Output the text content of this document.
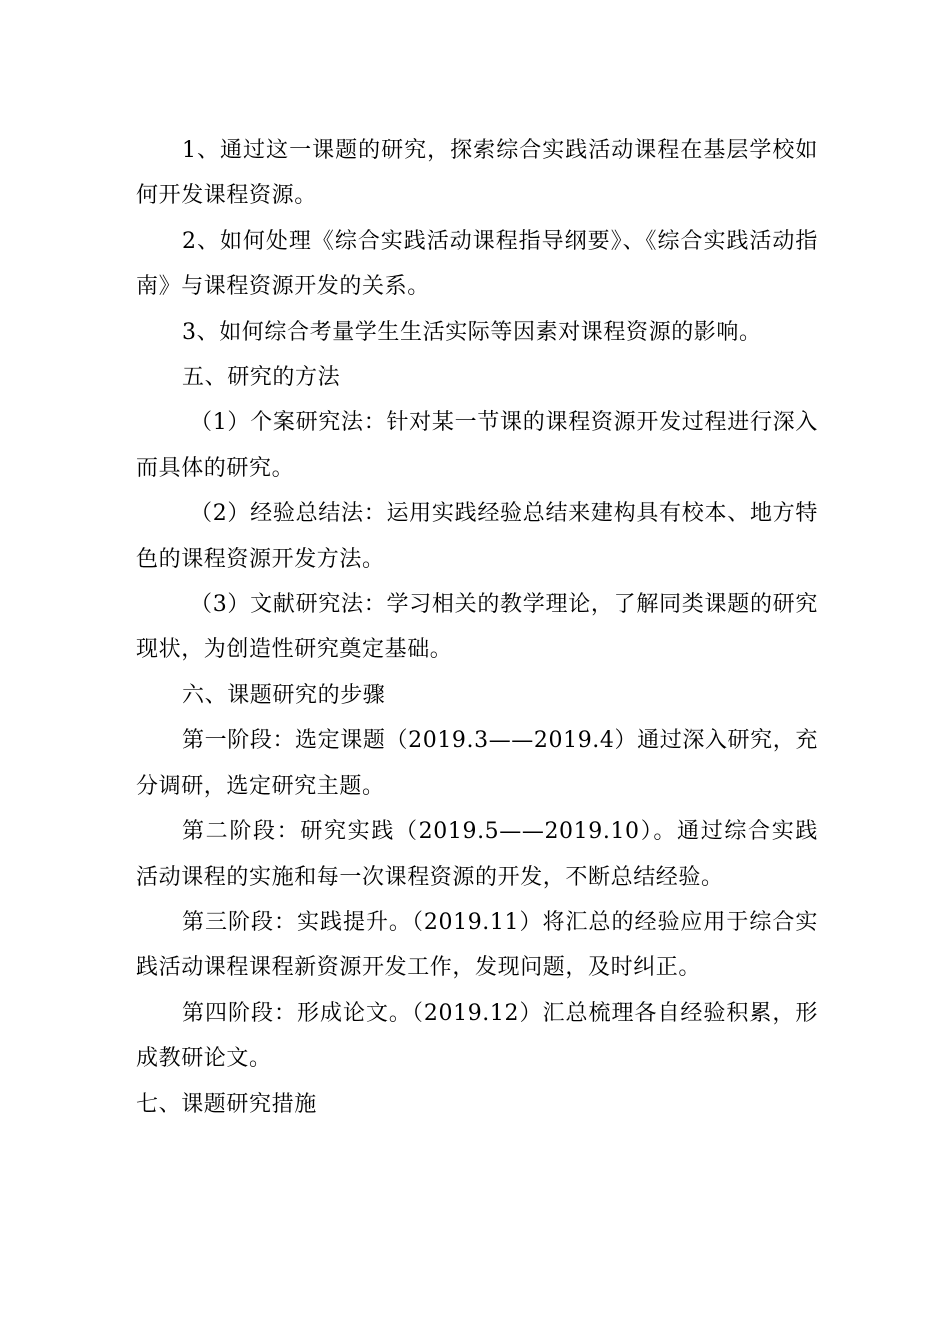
1、通过这一课题的研究，探索综合实践活动课程在基层学校如何开发课程资源。

2、如何处理《综合实践活动课程指导纲要》、《综合实践活动指南》与课程资源开发的关系。

3、如何综合考量学生生活实际等因素对课程资源的影响。

五、研究的方法

（1）个案研究法：针对某一节课的课程资源开发过程进行深入而具体的研究。

（2）经验总结法：运用实践经验总结来建构具有校本、地方特色的课程资源开发方法。

（3）文献研究法：学习相关的教学理论，了解同类课题的研究现状，为创造性研究奠定基础。

六、课题研究的步骤

第一阶段：选定课题（2019.3——2019.4）通过深入研究，充分调研，选定研究主题。

第二阶段：研究实践（2019.5——2019.10）。通过综合实践活动课程的实施和每一次课程资源的开发，不断总结经验。

第三阶段：实践提升。（2019.11）将汇总的经验应用于综合实践活动课程课程新资源开发工作，发现问题，及时纠正。

第四阶段：形成论文。（2019.12）汇总梳理各自经验积累，形成教研论文。

七、课题研究措施
